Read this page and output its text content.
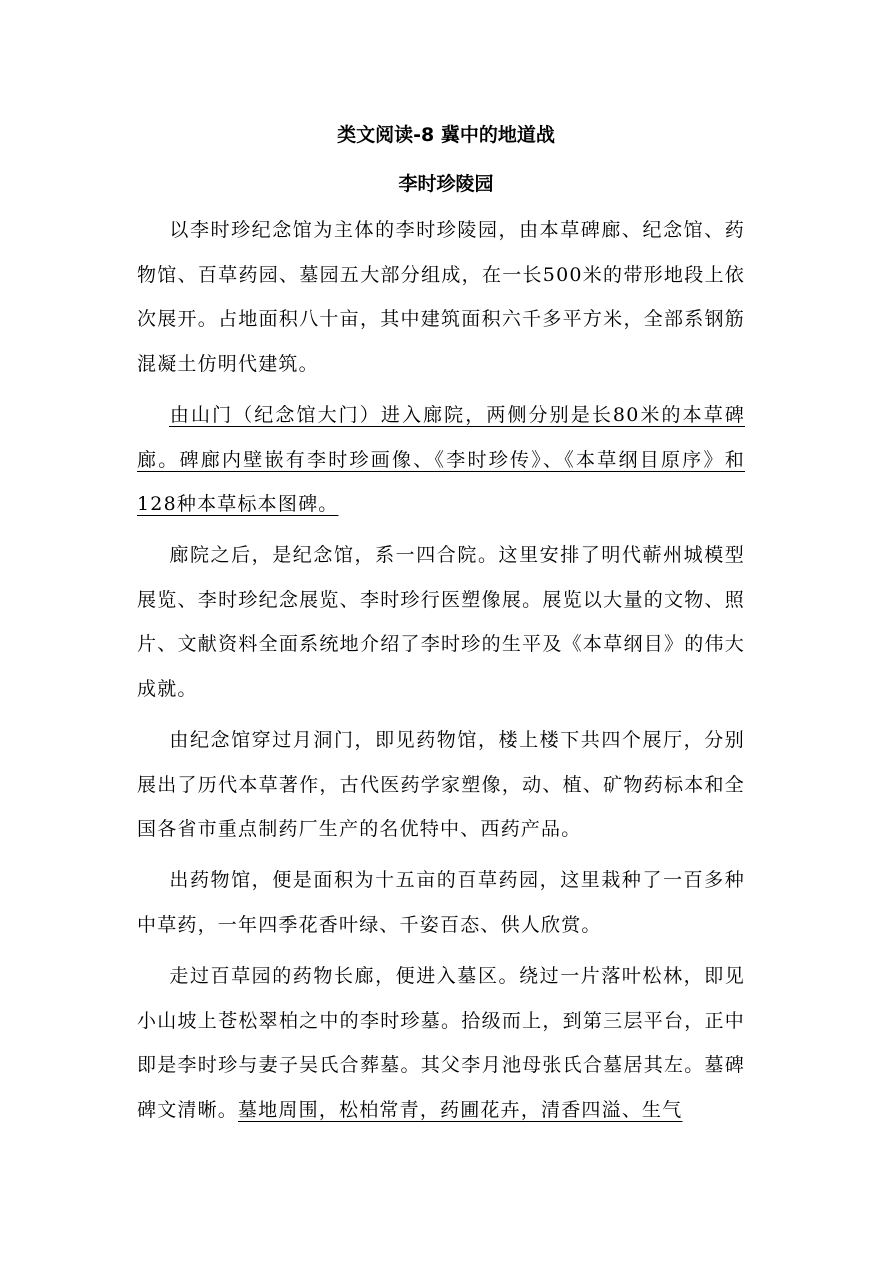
类文阅读-8 冀中的地道战
李时珍陵园

以李时珍纪念馆为主体的李时珍陵园，由本草碑廊、纪念馆、药物馆、百草药园、墓园五大部分组成，在一长500米的带形地段上依次展开。占地面积八十亩，其中建筑面积六千多平方米，全部系钢筋混凝土仿明代建筑。

由山门（纪念馆大门）进入廊院，两侧分别是长80米的本草碑廊。碑廊内壁嵌有李时珍画像、《李时珍传》、《本草纲目原序》和128种本草标本图碑。

廊院之后，是纪念馆，系一四合院。这里安排了明代蕲州城模型展览、李时珍纪念展览、李时珍行医塑像展。展览以大量的文物、照片、文献资料全面系统地介绍了李时珍的生平及《本草纲目》的伟大成就。

由纪念馆穿过月洞门，即见药物馆，楼上楼下共四个展厅，分别展出了历代本草著作，古代医药学家塑像，动、植、矿物药标本和全国各省市重点制药厂生产的名优特中、西药产品。

出药物馆，便是面积为十五亩的百草药园，这里栽种了一百多种中草药，一年四季花香叶绿、千姿百态、供人欣赏。

走过百草园的药物长廊，便进入墓区。绕过一片落叶松林，即见小山坡上苍松翠柏之中的李时珍墓。拾级而上，到第三层平台，正中即是李时珍与妻子吴氏合葬墓。其父李月池母张氏合墓居其左。墓碑碑文清晰。墓地周围，松柏常青，药圃花卉，清香四溢、生气
